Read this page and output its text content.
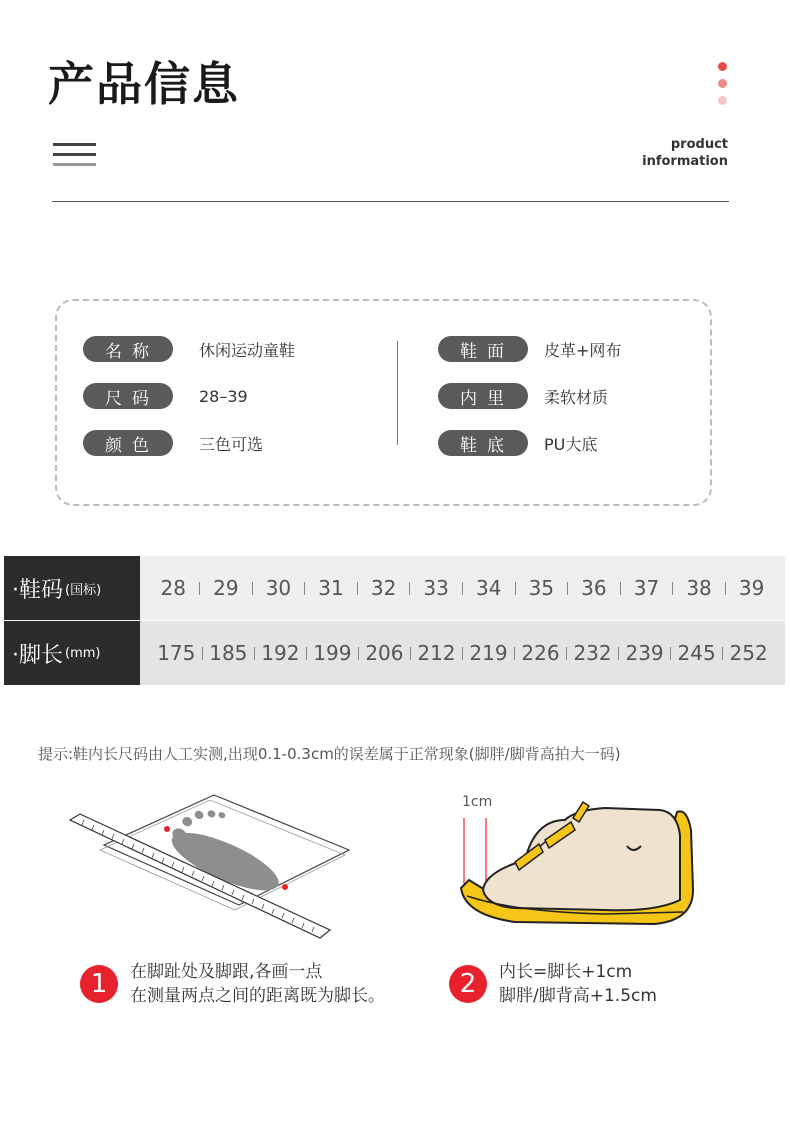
产品信息
product
information
名称	休闲运动童鞋
尺码	28–39
颜色	三色可选
鞋面	皮革+网布
内里	柔软材质
鞋底	PU大底
·鞋码 (国标)	28 29 30 31 32 33 34 35 36 37 38 39
·脚长 (mm)	175 185 192 199 206 212 219 226 232 239 245 252
提示:鞋内长尺码由人工实测,出现0.1-0.3cm的误差属于正常现象(脚胖/脚背高拍大一码)
1cm
1	在脚趾处及脚跟,各画一点
在测量两点之间的距离既为脚长。	2	内长=脚长+1cm
脚胖/脚背高+1.5cm
